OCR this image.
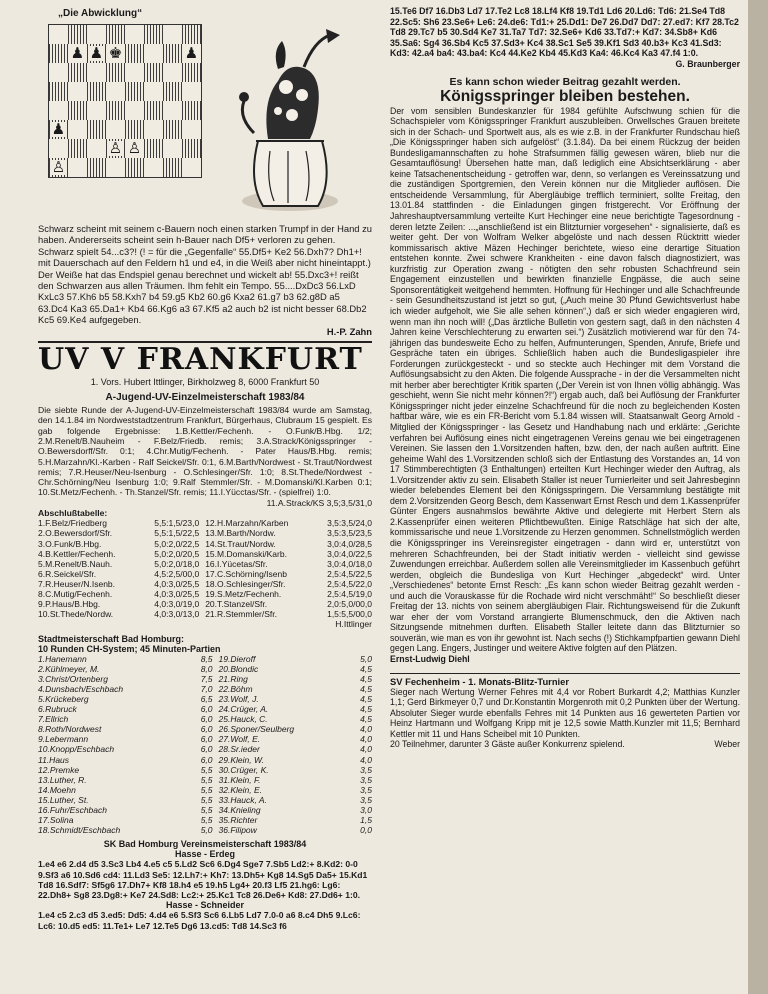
„Die Abwicklung“

♟ ♟ ♚	♟
♟
♙ ♙
♙

Schwarz scheint mit seinem c-Bauern noch einen starken Trumpf in der Hand zu haben. Andererseits scheint sein h-Bauer nach Df5+ verloren zu gehen. Schwarz spielt 54...c3?! (! = für die „Gegenfalle“ 55.Df5+ Ke2 56.Dxh7? Dh1+! mit Dauerschach auf den Feldern h1 und e4, in die Weiß aber nicht hineintappt.)

Der Weiße hat das Endspiel genau berechnet und wickelt ab! 55.Dxc3+! reißt den Schwarzen aus allen Träumen. Ihm fehlt ein Tempo. 55....DxDc3 56.LxD KxLc3 57.Kh6 b5 58.Kxh7 b4 59.g5 Kb2 60.g6 Kxa2 61.g7 b3 62.g8D a5 63.Dc4 Ka3 65.Da1+ Kb4 66.Kg6 a3 67.Kf5 a2 auch b2 ist nicht besser 68.Db2 Kc5 69.Ke4 aufgegeben.

H.-P. Zahn

UV V FRANKFURT
1. Vors. Hubert Ittlinger, Birkholzweg 8, 6000 Frankfurt 50

A-Jugend-UV-Einzelmeisterschaft 1983/84

Die siebte Runde der A-Jugend-UV-Einzelmeisterschaft 1983/84 wurde am Samstag, den 14.1.84 im Nordweststadtzentrum Frankfurt, Bürgerhaus, Clubraum 15 gespielt. Es gab folgende Ergebnisse: 1.B.Kettler/Fechenh. - O.Funk/B.Hbg. 1/2; 2.M.Renelt/B.Nauheim - F.Belz/Friedb. remis; 3.A.Strack/Königsspringer - O.Bewersdorff/Sfr. 0:1; 4.Chr.Mutig/Fechenh. - Pater Haus/B.Hbg. remis; 5.H.Marzahn/Kl.-Karben - Ralf Seickel/Sfr. 0:1, 6.M.Barth/Nordwest - St.Traut/Nordwest remis; 7.R.Heuser/Neu-Isenburg - O.Schlesinger/Sfr. 1:0; 8.St.Thede/Nordwest - Chr.Schörning/Neu Isenburg 1:0; 9.Ralf Stemmler/Sfr. - M.Domanski/Kl.Karben 0:1; 10.St.Metz/Fechenh. - Th.Stanzel/Sfr. remis; 11.I.Yücctas/Sfr. - (spielfrei) 1:0.

11.A.Strack/KS 3,5;3,5/31,0
Abschlußtabelle:
1.F.Belz/Friedberg	5,5:1,5/23,0	12.H.Marzahn/Karben	3,5:3,5/24,0
2.O.Bewersdorf/Sfr.	5,5:1,5/22,5	13.M.Barth/Nordw.	3,5:3,5/23,5
3.O.Funk/B.Hbg.	5,0:2,0/22,5	14.St.Traut/Nordw.	3,0:4,0/28,5
4.B.Kettler/Fechenh.	5,0:2,0/20,5	15.M.Domanski/Karb.	3,0:4,0/22,5
5.M.Renelt/B.Nauh.	5,0:2,0/18,0	16.I.Yücetas/Sfr.	3,0:4,0/18,0
6.R.Seickel/Sfr.	4,5:2,5/00,0	17.C.Schörning/Isenb	2,5:4,5/22,5
7.R.Heuser/N.Isenb.	4,0:3,0/25,5	18.O.Schlesinger/Sfr.	2,5:4,5/22,0
8.C.Mutig/Fechenh.	4,0:3,0/25,5	19.S.Metz/Fechenh.	2,5:4,5/19,0
9.P.Haus/B.Hbg.	4,0:3,0/19,0	20.T.Stanzel/Sfr.	2,0:5,0/00,0
10.St.Thede/Nordw.	4,0:3,0/13,0	21.R.Stemmler/Sfr.	1,5:5,5/00,0
H.Ittlinger
Stadtmeisterschaft Bad Homburg:
10 Runden CH-System; 45 Minuten-Partien
1.Hanemann	8,5	19.Dieroff	5,0
2.Kühlmeyer, M.	8,0	20.Blondic	4,5
3.Christ/Ortenberg	7,5	21.Ring	4,5
4.Dunsbach/Eschbach	7,0	22.Böhm	4,5
5.Krückeberg	6,5	23.Wolf, J.	4,5
6.Rubruck	6,0	24.Crüger, A.	4,5
7.Ellrich	6,0	25.Hauck, C.	4,5
8.Roth/Nordwest	6,0	26.Sponer/Seulberg	4,0
9.Lebermann	6,0	27.Wolf, E.	4,0
10.Knopp/Eschbach	6,0	28.Sr.ieder	4,0
11.Haus	6,0	29.Klein, W.	4,0
12.Premke	5,5	30.Crüger, K.	3,5
13.Luther, R.	5,5	31.Klein, F.	3,5
14.Moehn	5,5	32.Klein, E.	3,5
15.Luther, St.	5,5	33.Hauck, A.	3,5
16.Fuhr/Eschbach	5,5	34.Knieling	3,0
17.Solina	5,5	35.Richter	1,5
18.Schmidt/Eschbach	5,0	36.Filipow	0,0
SK Bad Homburg Vereinsmeisterschaft 1983/84
Hasse - Erdeg

1.e4 e6 2.d4 d5 3.Sc3 Lb4 4.e5 c5 5.Ld2 Sc6 6.Dg4 Sge7 7.Sb5 Ld2:+ 8.Kd2: 0-0 9.Sf3 a6 10.Sd6 cd4: 11.Ld3 Se5: 12.Lh7:+ Kh7: 13.Dh5+ Kg8 14.Sg5 Da5+ 15.Kd1 Td8 16.Sdf7: Sf5g6 17.Dh7+ Kf8 18.h4 e5 19.h5 Lg4+ 20.f3 Lf5 21.hg6: Lg6: 22.Dh8+ Sg8 23.Dg8:+ Ke7 24.Sd8: Lc2:+ 25.Kc1 Tc8 26.De6+ Kd8: 27.Dd6+ 1:0.

Hasse - Schneider

1.e4 c5 2.c3 d5 3.ed5: Dd5: 4.d4 e6 5.Sf3 Sc6 6.Lb5 Ld7 7.0-0 a6 8.c4 Dh5 9.Lc6: Lc6: 10.d5 ed5: 11.Te1+ Le7 12.Te5 Dg6 13.cd5: Td8 14.Sc3 f6

15.Te6 Df7 16.Db3 Ld7 17.Te2 Lc8 18.Lf4 Kf8 19.Td1 Ld6 20.Ld6: Td6: 21.Se4 Td8 22.Sc5: Sh6 23.Se6+ Le6: 24.de6: Td1:+ 25.Dd1: De7 26.Dd7 Dd7: 27.ed7: Kf7 28.Tc2 Td8 29.Tc7 b5 30.Sd4 Ke7 31.Ta7 Td7: 32.Se6+ Kd6 33.Td7:+ Kd7: 34.Sb8+ Kd6 35.Sa6: Sg4 36.Sb4 Kc5 37.Sd3+ Kc4 38.Sc1 Se5 39.Kf1 Sd3 40.b3+ Kc3 41.Sd3: Kd3: 42.a4 ba4: 43.ba4: Kc4 44.Ke2 Kb4 45.Kd3 Ka4: 46.Kc4 Ka3 47.f4 1:0.

G. Braunberger

Es kann schon wieder Beitrag gezahlt werden.

Königsspringer bleiben bestehen.

Der vom sensiblen Bundeskanzler für 1984 gefühlte Aufschwung schien für die Schachspieler vom Königsspringer Frankfurt auszubleiben. Orwellsches Grauen breitete sich in der Schach- und Sportwelt aus, als es wie z.B. in der Frankfurter Rundschau hieß „Die Königsspringer haben sich aufgelöst“ (3.1.84). Da bei einem Rückzug der beiden Bundesligamannschaften zu hohe Strafsummen fällig gewesen wären, blieb nur die Gesamtauflösung! Übersehen hatte man, daß lediglich eine Absichtserklärung - aber keine Tatsachenentscheidung - getroffen war, denn, so verlangen es Vereinssatzung und die zuständigen Sportgremien, den Verein können nur die Mitglieder auflösen. Die entscheidende Versammlung, für Abergläubige trefflich terminiert, sollte Freitag, den 13.01.84 stattfinden - die Einladungen gingen fristgerecht. Vor Eröffnung der Jahreshauptversammlung verteilte Kurt Hechinger eine neue berichtigte Tagesordnung - deren letzte Zeilen: ...„anschließend ist ein Blitzturnier vorgesehen“ - signalisierte, daß es weiter geht. Der von Wolfram Welker abgelöste und nach dessen Rücktritt wieder kommissarisch aktive Mäzen Hechinger berichtete, wieso eine derartige Situation entstehen konnte. Zwei schwere Krankheiten - eine davon falsch diagnostiziert, was kurzfristig zur Operation zwang - nötigten den sehr robusten Schachfreund sein Engagement einzustellen und bewirkten finanzielle Engpässe, die auch seine Sponsorentätigkeit weitgehend hemmten. Hoffnung für Hechinger und alle Schachfreunde - sein Gesundheitszustand ist jetzt so gut, („Auch meine 30 Pfund Gewichtsverlust habe ich wieder aufgeholt, wie Sie alle sehen können“,) daß er sich wieder engagieren wird, wenn man ihn noch will! („Das ärztliche Bulletin von gestern sagt, daß in den nächsten 4 Jahren keine Verschlechterung zu erwarten sei.“) Zusätzlich motivierend war für den 74-jährigen das bundesweite Echo zu helfen, Aufmunterungen, Spenden, Anrufe, Briefe und Gespräche taten ein übriges. Schließlich haben auch die Bundesligaspieler ihre Forderungen zurückgesteckt - und so steckte auch Hechinger mit dem Vorstand die Auflösungsabsicht zu den Akten. Die folgende Aussprache - in der die Versammelten nicht mit herber aber berechtigter Kritik sparten („Der Verein ist von Ihnen völlig abhängig. Was geschieht, wenn Sie nicht mehr können?!“) ergab auch, daß bei Auflösung der Frankfurter Königsspringer nicht jeder einzelne Schachfreund für die noch zu begleichenden Kosten haftbar wäre, wie es ein FR-Bericht vom 5.1.84 wissen will. Staatsanwalt Georg Arnold - Mitglied der Königsspringer - las Gesetz und Handhabung nach und erklärte: „Gerichte verfahren bei Auflösung eines nicht eingetragenen Vereins genau wie bei eingetragenen Vereinen. Sie lassen den 1.Vorsitzenden haften, bzw. den, der nach außen auftritt. Eine geheime Wahl des 1.Vorsitzenden schloß sich der Entlastung des Vorstandes an, 14 von 17 Stimmberechtigten (3 Enthaltungen) erteilten Kurt Hechinger wieder den Auftrag, als 1.Vorsitzender aktiv zu sein. Elisabeth Staller ist neuer Turnierleiter und seit Jahresbeginn wieder belebendes Element bei den Königsspringern. Die Versammlung bestätigte mit dem 2.Vorsitzenden Georg Besch, dem Kassenwart Ernst Resch und dem 1.Kassenprüfer Günter Engers ausnahmslos bewährte Aktive und delegierte mit Herbert Stern als 2.Kassenprüfer einen weiteren Pflichtbewußten. Einige Ratschläge hat sich der alte, kommissarische und neue 1.Vorsitzende zu Herzen genommen. Schnellstmöglich werden die Königsspringer ins Vereinsregister eingetragen - dann wird er, unterstützt von mehreren Schachfreunden, bei der Stadt initiativ werden - vielleicht sind gewisse Zuwendungen erreichbar. Außerdem sollen alle Vereinsmitglieder im Kassenbuch geführt werden, obgleich die Bundesliga von Kurt Hechinger „abgedeckt“ wird. Unter „Verschiedenes“ betonte Ernst Resch: „Es kann schon wieder Beitrag gezahlt werden - und auch die Vorauskasse für die Rochade wird nicht verschmäht!“ So beschließt dieser Freitag der 13. nichts von seinem abergläubigen Flair. Richtungsweisend für die Zukunft war eher der vom Vorstand arrangierte Blumenschmuck, den die Aktiven nach Sitzungsende mitnehmen durften. Elisabeth Staller leitete dann das Blitzturnier so souverän, wie man es von ihr gewohnt ist. Nach sechs (!) Stichkampfpartien gewann Diehl gegen Lang. Engers, Justinger und weitere Aktive folgten auf den Plätzen.

Ernst-Ludwig Diehl

SV Fechenheim - 1. Monats-Blitz-Turnier

Sieger nach Wertung Werner Fehres mit 4,4 vor Robert Burkardt 4,2; Matthias Kunzler 1,1; Gerd Birkmeyer 0,7 und Dr.Konstantin Morgenroth mit 0,2 Punkten über der Wertung. Absoluter Sieger wurde ebenfalls Fehres mit 14 Punkten aus 16 gewerteten Partien vor Heinz Hartmann und Wolfgang Kripp mit je 12,5 sowie Matth.Kunzler mit 11,5; Bernhard Kettler mit 11 und Hans Scheibel mit 10 Punkten.

20 Teilnehmer, darunter 3 Gäste außer Konkurrenz spielend.	Weber
